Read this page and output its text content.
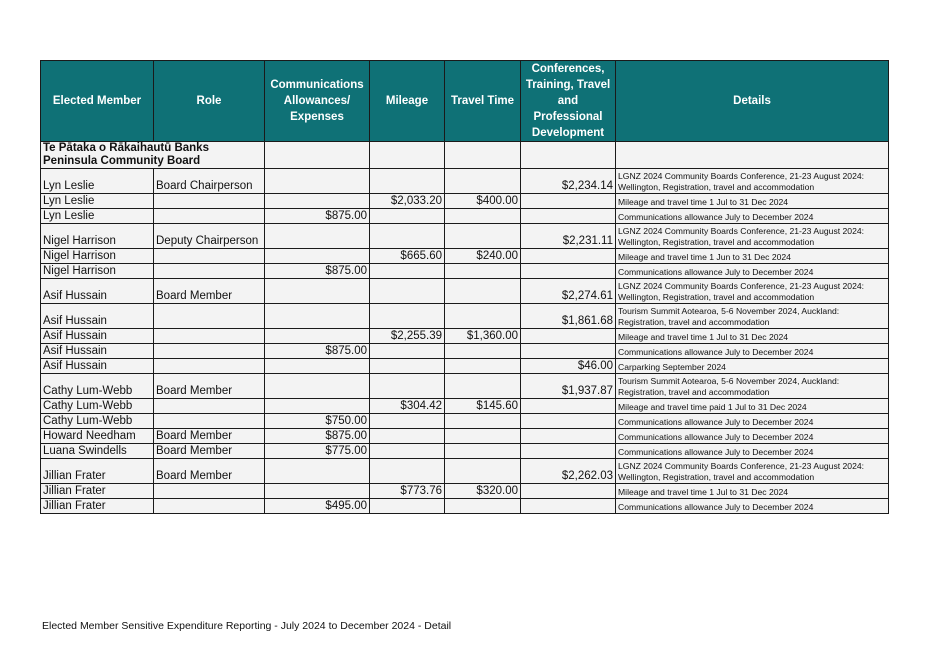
Elected Member	Role	Communications Allowances/ Expenses	Mileage	Travel Time	Conferences, Training, Travel and Professional Development	Details
Te Pātaka o Rākaihautū Banks Peninsula Community Board						
Lyn Leslie	Board Chairperson				$2,234.14	LGNZ 2024 Community Boards Conference, 21-23 August 2024: Wellington, Registration, travel and accommodation
Lyn Leslie			$2,033.20	$400.00		Mileage and travel time 1 Jul to 31 Dec 2024
Lyn Leslie		$875.00				Communications allowance July to December 2024
Nigel Harrison	Deputy Chairperson				$2,231.11	LGNZ 2024 Community Boards Conference, 21-23 August 2024: Wellington, Registration, travel and accommodation
Nigel Harrison			$665.60	$240.00		Mileage and travel time 1 Jun to 31 Dec 2024
Nigel Harrison		$875.00				Communications allowance July to December 2024
Asif Hussain	Board Member				$2,274.61	LGNZ 2024 Community Boards Conference, 21-23 August 2024: Wellington, Registration, travel and accommodation
Asif Hussain					$1,861.68	Tourism Summit Aotearoa, 5-6 November 2024, Auckland: Registration, travel and accommodation
Asif Hussain			$2,255.39	$1,360.00		Mileage and travel time 1 Jul to 31 Dec 2024
Asif Hussain		$875.00				Communications allowance July to December 2024
Asif Hussain					$46.00	Carparking September 2024
Cathy Lum-Webb	Board Member				$1,937.87	Tourism Summit Aotearoa, 5-6 November 2024, Auckland: Registration, travel and accommodation
Cathy Lum-Webb			$304.42	$145.60		Mileage and travel time paid 1 Jul to 31 Dec 2024
Cathy Lum-Webb		$750.00				Communications allowance July to December 2024
Howard Needham	Board Member	$875.00				Communications allowance July to December 2024
Luana Swindells	Board Member	$775.00				Communications allowance July to December 2024
Jillian Frater	Board Member				$2,262.03	LGNZ 2024 Community Boards Conference, 21-23 August 2024: Wellington, Registration, travel and accommodation
Jillian Frater			$773.76	$320.00		Mileage and travel time 1 Jul to 31 Dec 2024
Jillian Frater		$495.00				Communications allowance July to December 2024
Elected Member Sensitive Expenditure Reporting - July 2024 to December 2024 - Detail
